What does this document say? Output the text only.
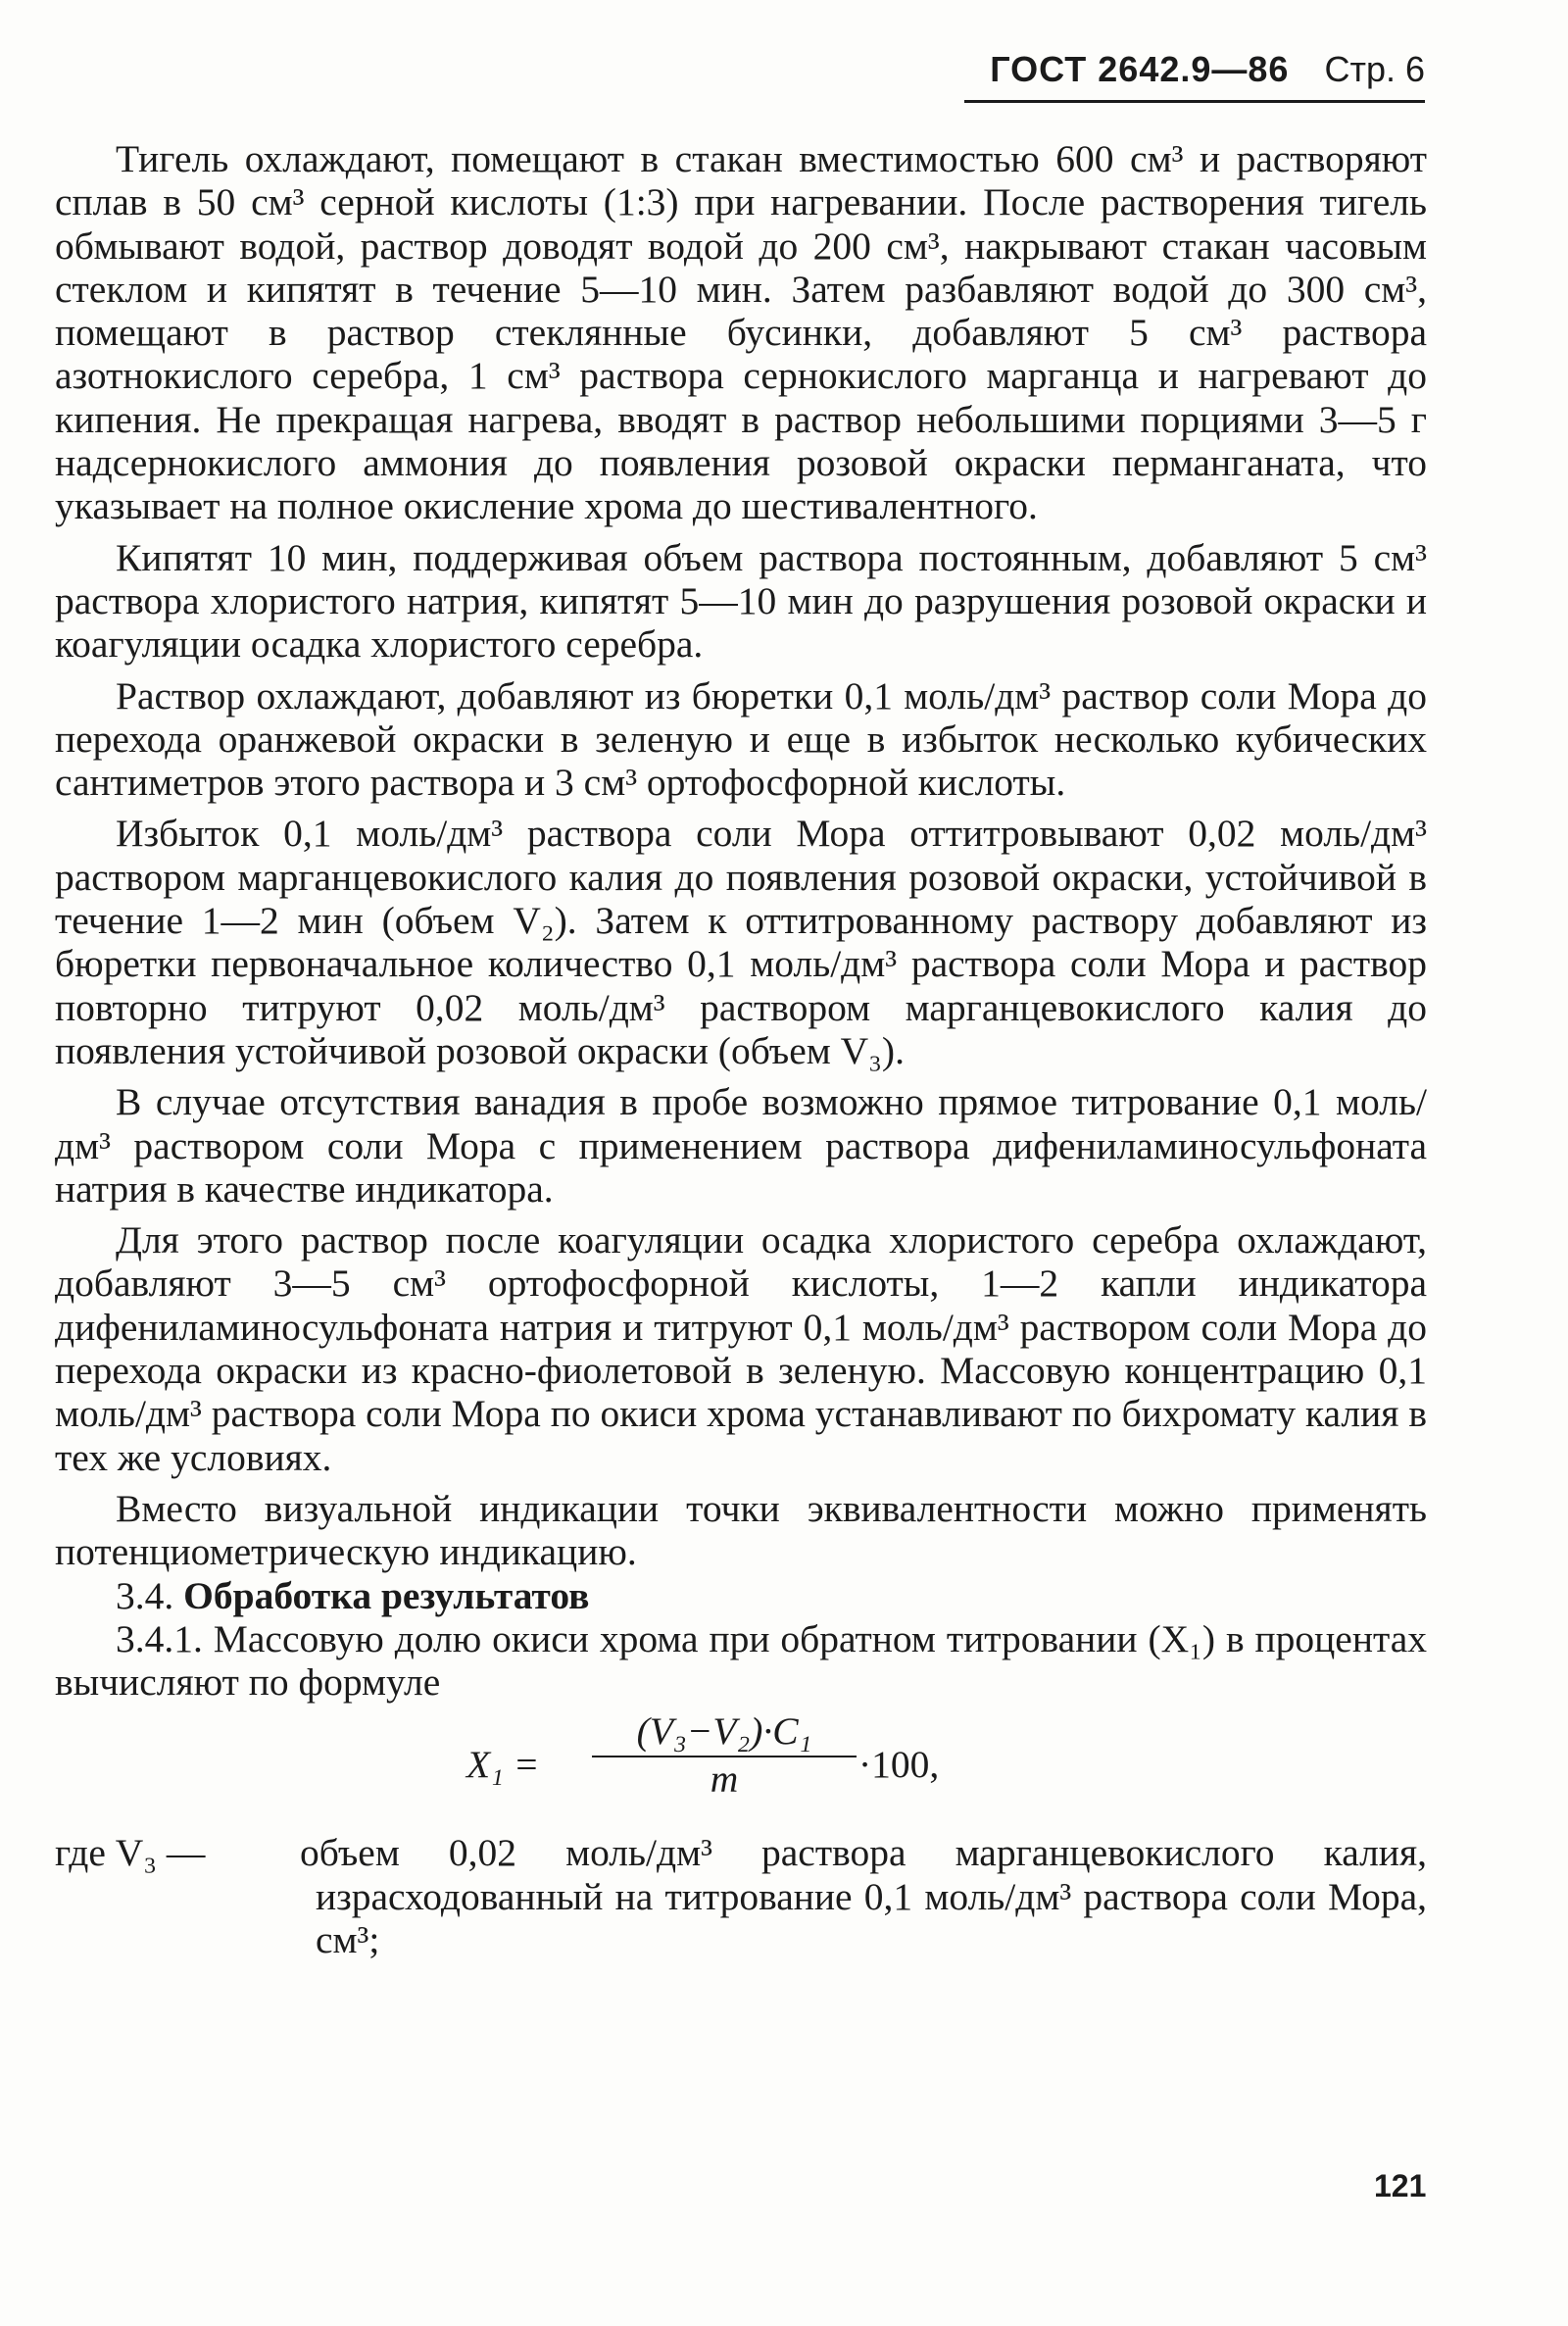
ГОСТ 2642.9—86 Стр. 6

Тигель охлаждают, помещают в стакан вместимостью 600 см³ и растворяют сплав в 50 см³ серной кислоты (1:3) при нагревании. После растворения тигель обмывают водой, раствор доводят водой до 200 см³, накрывают стакан часовым стеклом и кипятят в течение 5—10 мин. Затем разбавляют водой до 300 см³, помещают в раствор стеклянные бусинки, добавляют 5 см³ раствора азотнокислого серебра, 1 см³ раствора сернокислого марганца и нагревают до кипения. Не прекращая нагрева, вводят в раствор небольшими порциями 3—5 г надсернокислого аммония до появления розовой окраски перманганата, что указывает на полное окисление хрома до шестивалентного.

Кипятят 10 мин, поддерживая объем раствора постоянным, добавляют 5 см³ раствора хлористого натрия, кипятят 5—10 мин до разрушения розовой окраски и коагуляции осадка хлористого серебра.

Раствор охлаждают, добавляют из бюретки 0,1 моль/дм³ раствор соли Мора до перехода оранжевой окраски в зеленую и еще в избыток несколько кубических сантиметров этого раствора и 3 см³ ортофосфорной кислоты.

Избыток 0,1 моль/дм³ раствора соли Мора оттитровывают 0,02 моль/дм³ раствором марганцевокислого калия до появления розовой окраски, устойчивой в течение 1—2 мин (объем V₂). Затем к оттитрованному раствору добавляют из бюретки первоначальное количество 0,1 моль/дм³ раствора соли Мора и раствор повторно титруют 0,02 моль/дм³ раствором марганцевокислого калия до появления устойчивой розовой окраски (объем V₃).

В случае отсутствия ванадия в пробе возможно прямое титрование 0,1 моль/дм³ раствором соли Мора с применением раствора дифениламиносульфоната натрия в качестве индикатора.

Для этого раствор после коагуляции осадка хлористого серебра охлаждают, добавляют 3—5 см³ ортофосфорной кислоты, 1—2 капли индикатора дифениламиносульфоната натрия и титруют 0,1 моль/дм³ раствором соли Мора до перехода окраски из красно-фиолетовой в зеленую. Массовую концентрацию 0,1 моль/дм³ раствора соли Мора по окиси хрома устанавливают по бихромату калия в тех же условиях.

Вместо визуальной индикации точки эквивалентности можно применять потенциометрическую индикацию.

3.4. Обработка результатов

3.4.1. Массовую долю окиси хрома при обратном титровании (X₁) в процентах вычисляют по формуле

$X_1 = \frac{\text{(V₃−V₂)·C₁}}{m} \cdot 100$,
где V₃ —	объем 0,02 моль/дм³ раствора марганцевокислого калия, израсходованный на титрование 0,1 моль/дм³ раствора соли Мора, см³;
121
